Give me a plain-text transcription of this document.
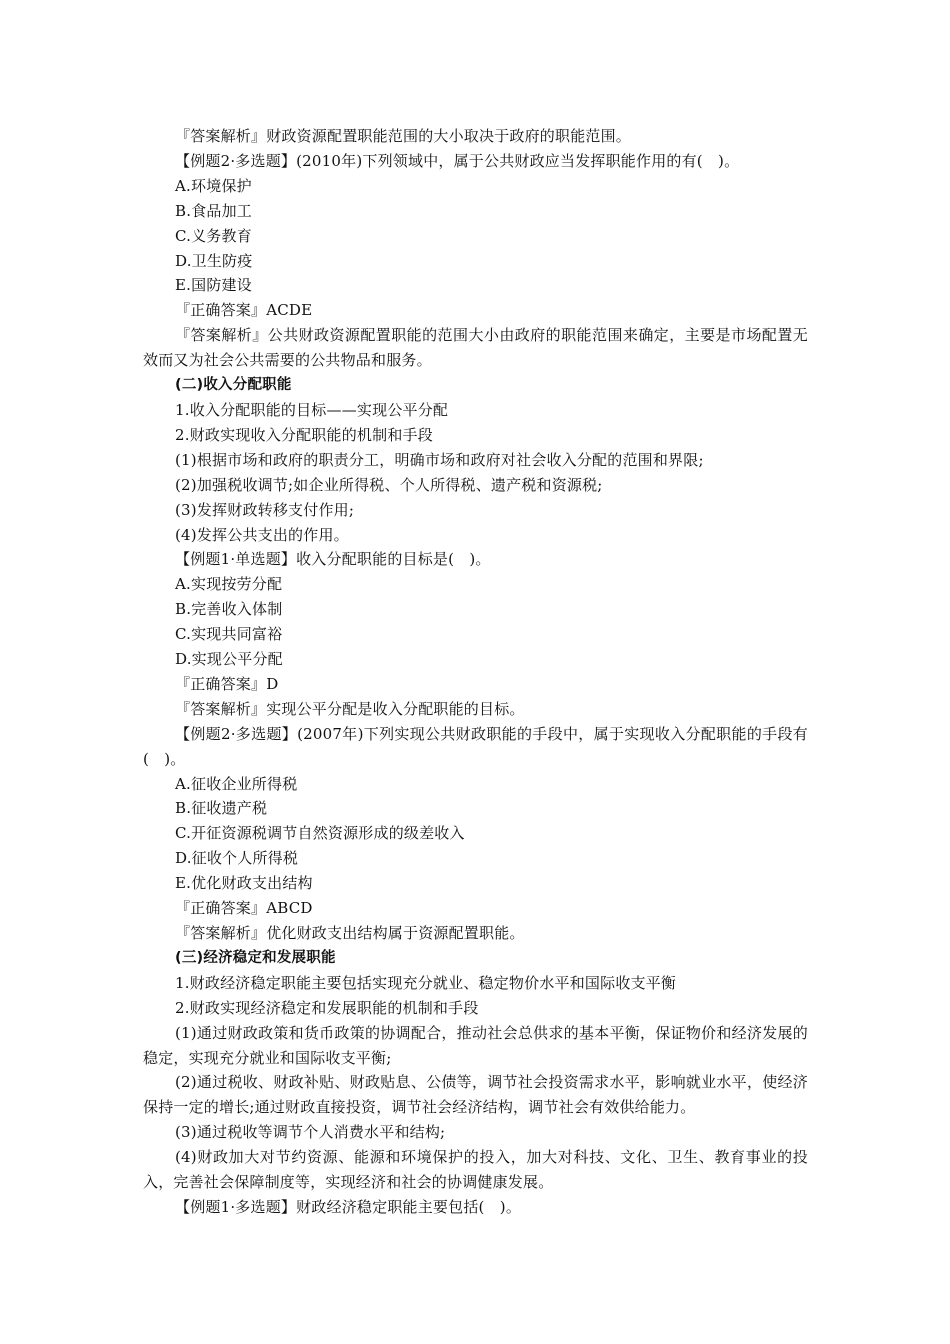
『答案解析』财政资源配置职能范围的大小取决于政府的职能范围。
【例题2·多选题】(2010年)下列领域中，属于公共财政应当发挥职能作用的有(　)。
A.环境保护
B.食品加工
C.义务教育
D.卫生防疫
E.国防建设
『正确答案』ACDE
『答案解析』公共财政资源配置职能的范围大小由政府的职能范围来确定，主要是市场配置无效而又为社会公共需要的公共物品和服务。
(二)收入分配职能
1.收入分配职能的目标——实现公平分配
2.财政实现收入分配职能的机制和手段
(1)根据市场和政府的职责分工，明确市场和政府对社会收入分配的范围和界限;
(2)加强税收调节;如企业所得税、个人所得税、遗产税和资源税;
(3)发挥财政转移支付作用;
(4)发挥公共支出的作用。
【例题1·单选题】收入分配职能的目标是(　)。
A.实现按劳分配
B.完善收入体制
C.实现共同富裕
D.实现公平分配
『正确答案』D
『答案解析』实现公平分配是收入分配职能的目标。
【例题2·多选题】(2007年)下列实现公共财政职能的手段中，属于实现收入分配职能的手段有(　)。
A.征收企业所得税
B.征收遗产税
C.开征资源税调节自然资源形成的级差收入
D.征收个人所得税
E.优化财政支出结构
『正确答案』ABCD
『答案解析』优化财政支出结构属于资源配置职能。
(三)经济稳定和发展职能
1.财政经济稳定职能主要包括实现充分就业、稳定物价水平和国际收支平衡
2.财政实现经济稳定和发展职能的机制和手段
(1)通过财政政策和货币政策的协调配合，推动社会总供求的基本平衡，保证物价和经济发展的稳定，实现充分就业和国际收支平衡;
(2)通过税收、财政补贴、财政贴息、公债等，调节社会投资需求水平，影响就业水平，使经济保持一定的增长;通过财政直接投资，调节社会经济结构，调节社会有效供给能力。
(3)通过税收等调节个人消费水平和结构;
(4)财政加大对节约资源、能源和环境保护的投入，加大对科技、文化、卫生、教育事业的投入，完善社会保障制度等，实现经济和社会的协调健康发展。
【例题1·多选题】财政经济稳定职能主要包括(　)。
